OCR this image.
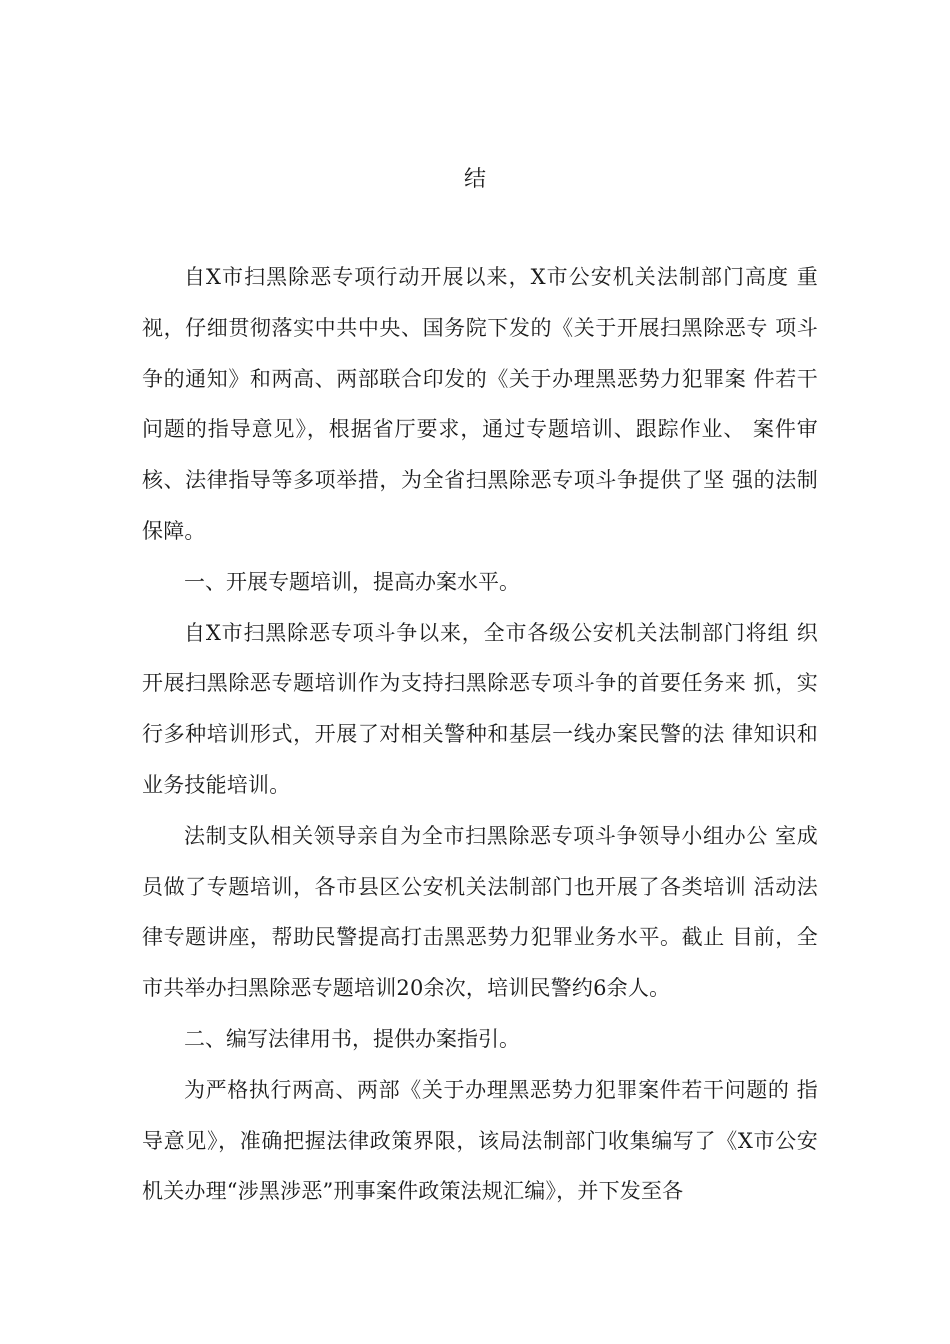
结

自X市扫黑除恶专项行动开展以来，X市公安机关法制部门高度 重视，仔细贯彻落实中共中央、国务院下发的《关于开展扫黑除恶专 项斗争的通知》和两高、两部联合印发的《关于办理黑恶势力犯罪案 件若干问题的指导意见》，根据省厅要求，通过专题培训、跟踪作业、 案件审核、法律指导等多项举措，为全省扫黑除恶专项斗争提供了坚 强的法制保障。

一、开展专题培训，提高办案水平。

自X市扫黑除恶专项斗争以来，全市各级公安机关法制部门将组 织开展扫黑除恶专题培训作为支持扫黑除恶专项斗争的首要任务来 抓，实行多种培训形式，开展了对相关警种和基层一线办案民警的法 律知识和业务技能培训。

法制支队相关领导亲自为全市扫黑除恶专项斗争领导小组办公 室成员做了专题培训，各市县区公安机关法制部门也开展了各类培训 活动法律专题讲座，帮助民警提高打击黑恶势力犯罪业务水平。截止 目前，全市共举办扫黑除恶专题培训20余次，培训民警约6余人。

二、编写法律用书，提供办案指引。

为严格执行两高、两部《关于办理黑恶势力犯罪案件若干问题的 指导意见》，准确把握法律政策界限，该局法制部门收集编写了《X市公安机关办理“涉黑涉恶”刑事案件政策法规汇编》，并下发至各
